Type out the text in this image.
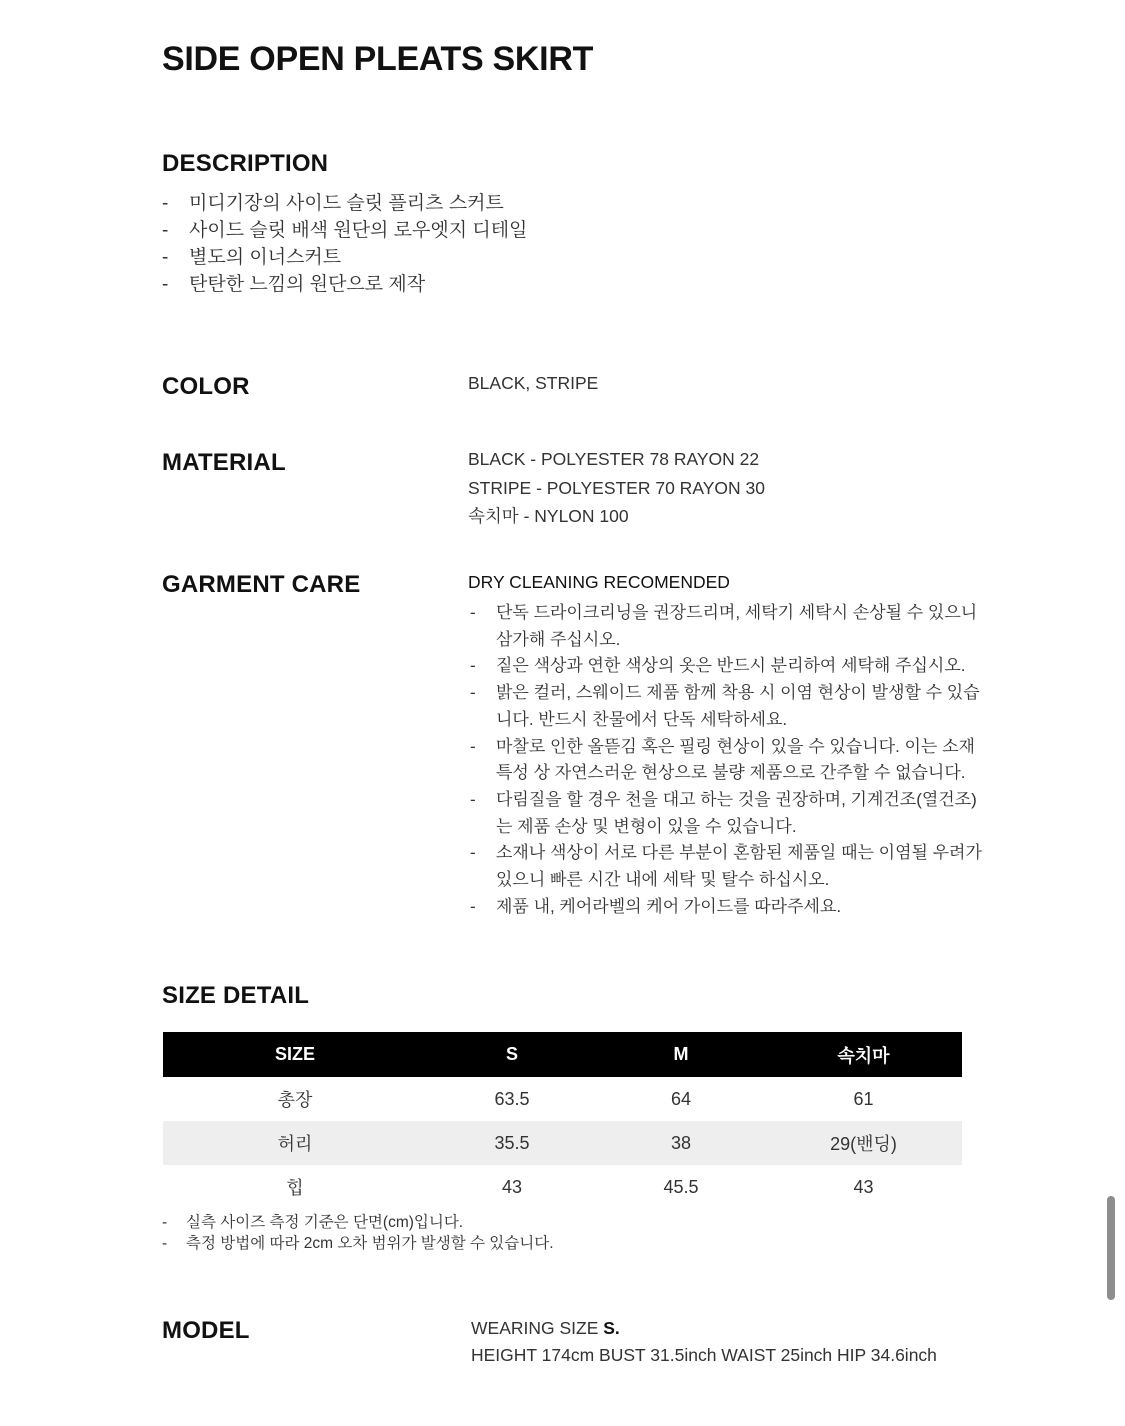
SIDE OPEN PLEATS SKIRT
DESCRIPTION
- 미디기장의 사이드 슬릿 플리츠 스커트
- 사이드 슬릿 배색 원단의 로우엣지 디테일
- 별도의 이너스커트
- 탄탄한 느낌의 원단으로 제작
COLOR	BLACK, STRIPE
MATERIAL	BLACK - POLYESTER 78 RAYON 22
STRIPE - POLYESTER 70 RAYON 30
속치마 - NYLON 100
GARMENT CARE	DRY CLEANING RECOMENDED
- 단독 드라이크리닝을 권장드리며, 세탁기 세탁시 손상될 수 있으니 삼가해 주십시오.
- 짙은 색상과 연한 색상의 옷은 반드시 분리하여 세탁해 주십시오.
- 밝은 컬러, 스웨이드 제품 함께 착용 시 이염 현상이 발생할 수 있습니다. 반드시 찬물에서 단독 세탁하세요.
- 마찰로 인한 올뜯김 혹은 필링 현상이 있을 수 있습니다. 이는 소재 특성 상 자연스러운 현상으로 불량 제품으로 간주할 수 없습니다.
- 다림질을 할 경우 천을 대고 하는 것을 권장하며, 기계건조(열건조)는 제품 손상 및 변형이 있을 수 있습니다.
- 소재나 색상이 서로 다른 부분이 혼함된 제품일 때는 이염될 우려가 있으니 빠른 시간 내에 세탁 및 탈수 하십시오.
- 제품 내, 케어라벨의 케어 가이드를 따라주세요.
SIZE DETAIL
SIZE	S	M	속치마
총장	63.5	64	61
허리	35.5	38	29(밴딩)
힙	43	45.5	43
- 실측 사이즈 측정 기준은 단면(cm)입니다.
- 측정 방법에 따라 2cm 오차 범위가 발생할 수 있습니다.
MODEL	WEARING SIZE S.
HEIGHT 174cm BUST 31.5inch WAIST 25inch HIP 34.6inch
